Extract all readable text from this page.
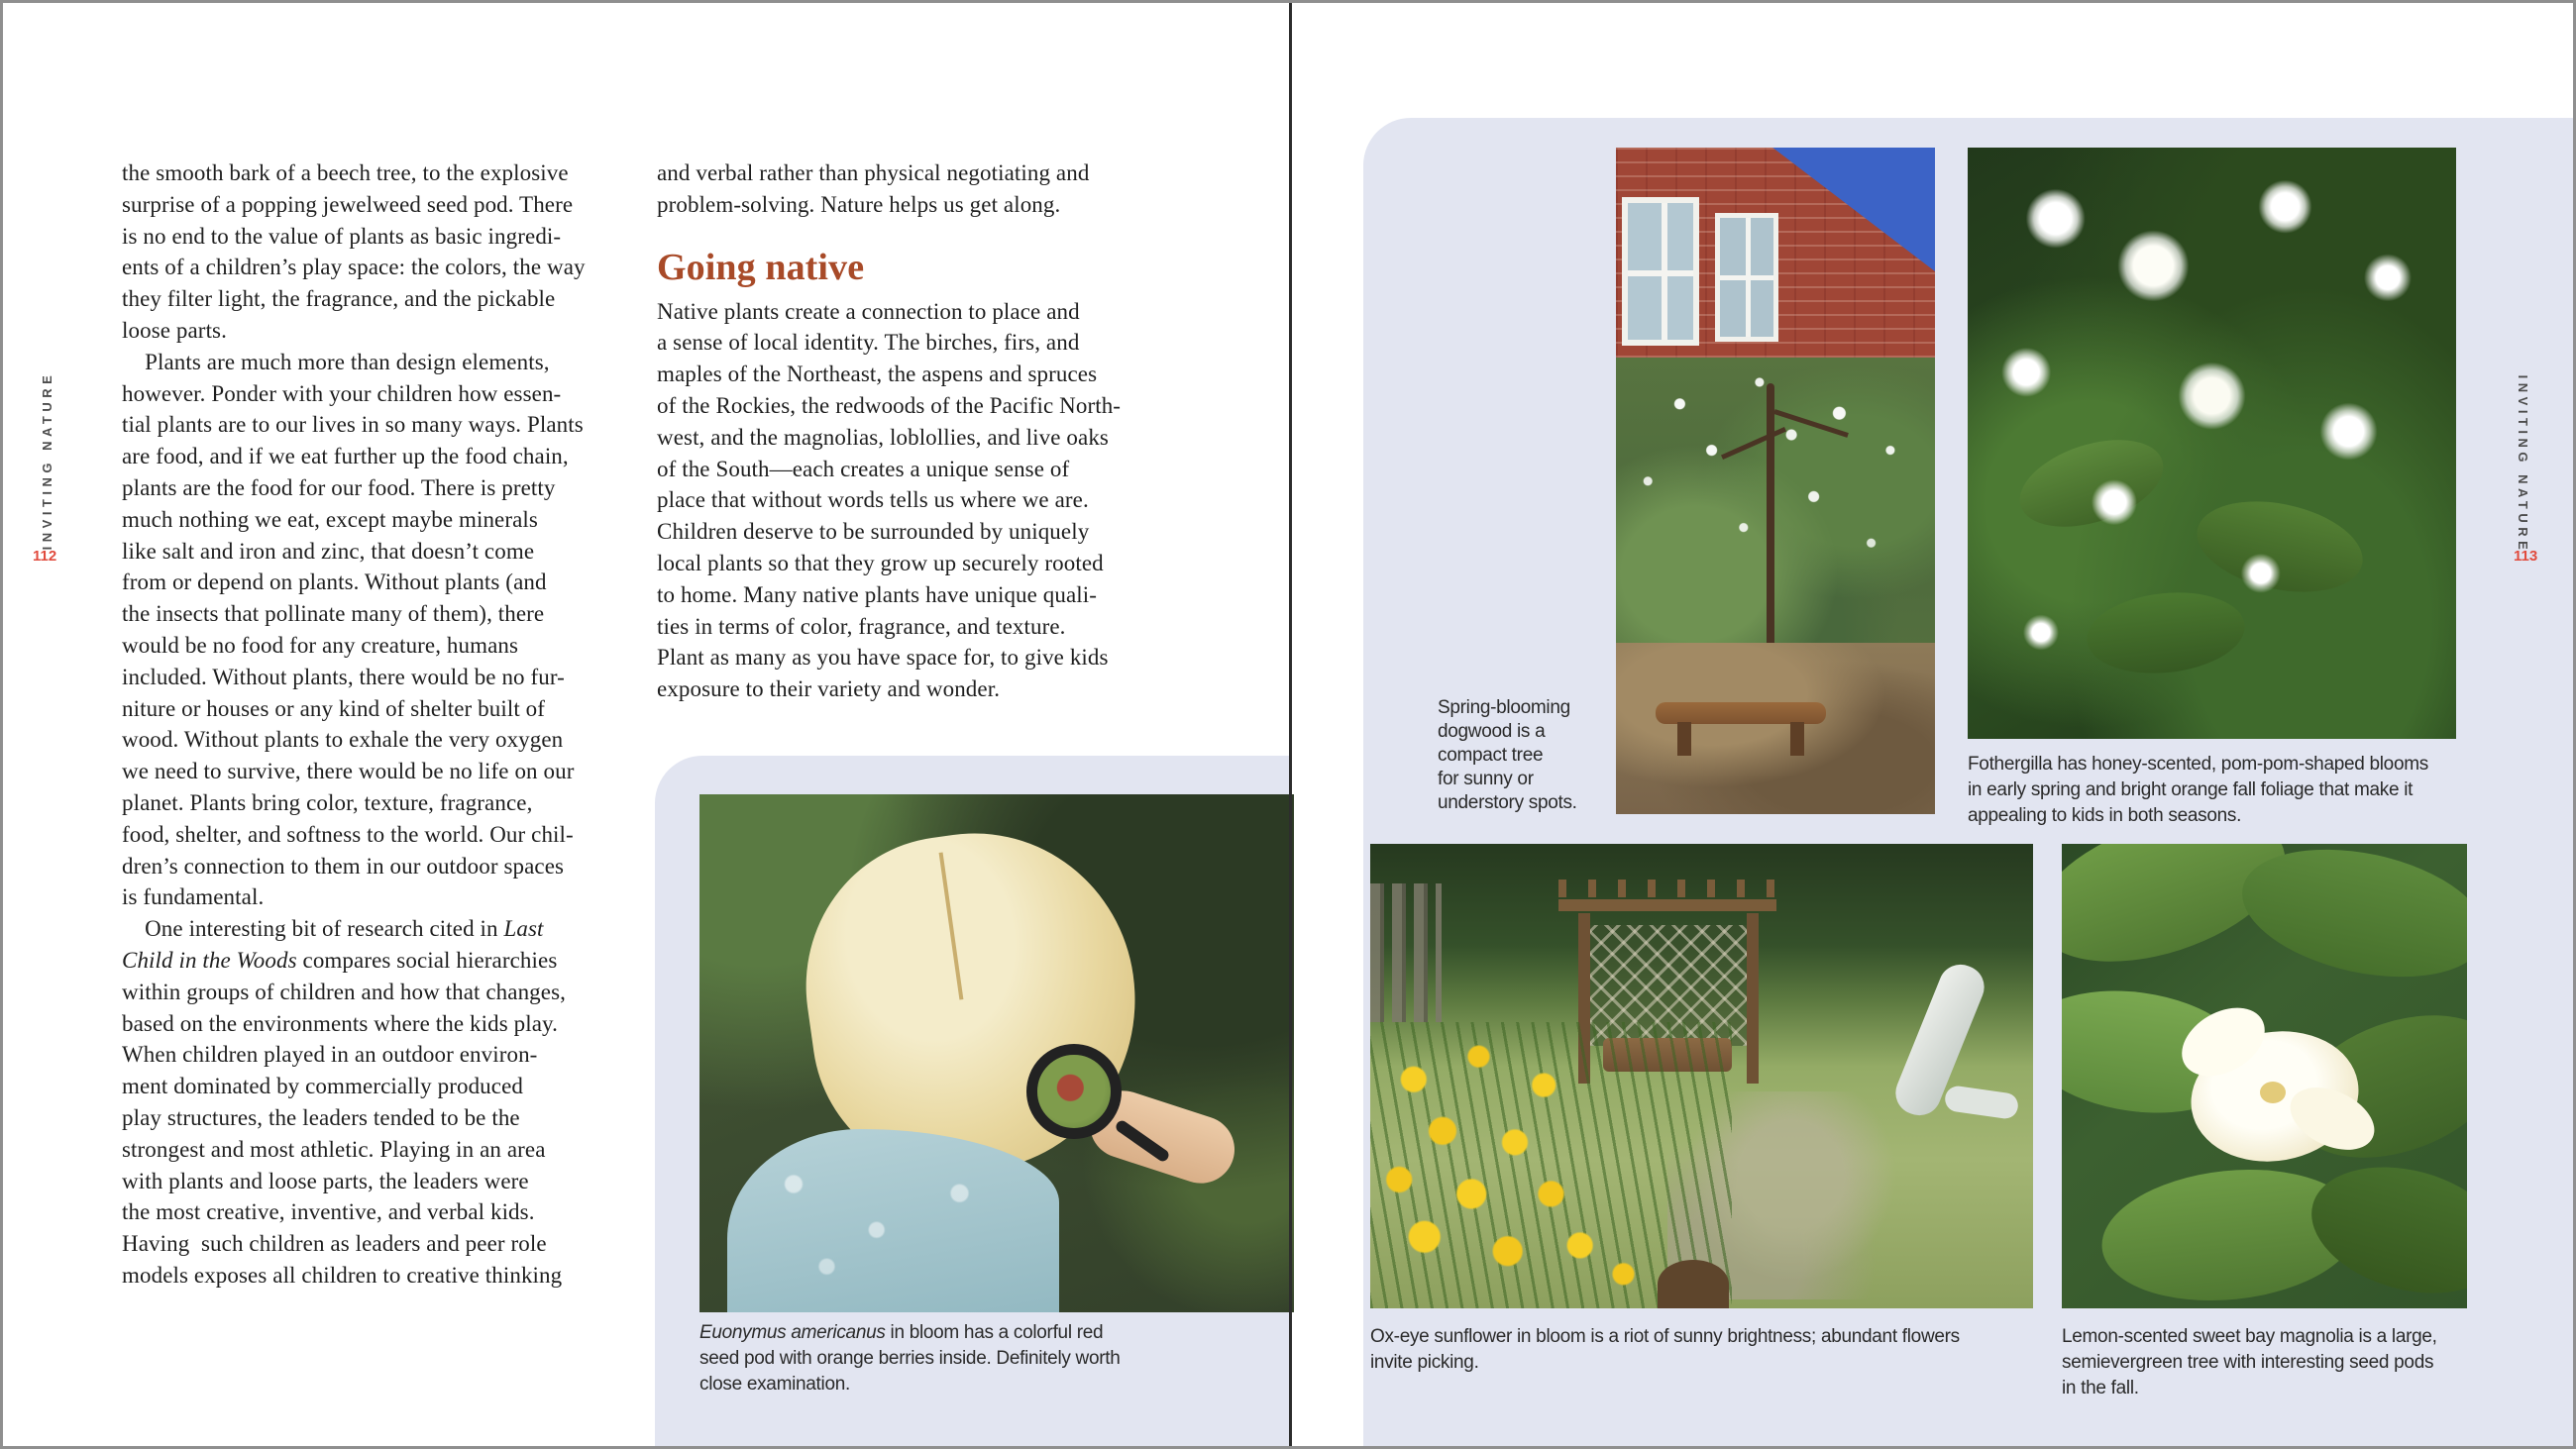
INVITING NATURE
112
the smooth bark of a beech tree, to the explosive
surprise of a popping jewelweed seed pod. There
is no end to the value of plants as basic ingredi-
ents of a children’s play space: the colors, the way
they filter light, the fragrance, and the pickable
loose parts.
 Plants are much more than design elements,
however. Ponder with your children how essen-
tial plants are to our lives in so many ways. Plants
are food, and if we eat further up the food chain,
plants are the food for our food. There is pretty
much nothing we eat, except maybe minerals
like salt and iron and zinc, that doesn’t come
from or depend on plants. Without plants (and
the insects that pollinate many of them), there
would be no food for any creature, humans
included. Without plants, there would be no fur-
niture or houses or any kind of shelter built of
wood. Without plants to exhale the very oxygen
we need to survive, there would be no life on our
planet. Plants bring color, texture, fragrance,
food, shelter, and softness to the world. Our chil-
dren’s connection to them in our outdoor spaces
is fundamental.
 One interesting bit of research cited in Last
Child in the Woods compares social hierarchies
within groups of children and how that changes,
based on the environments where the kids play.
When children played in an outdoor environ-
ment dominated by commercially produced
play structures, the leaders tended to be the
strongest and most athletic. Playing in an area
with plants and loose parts, the leaders were
the most creative, inventive, and verbal kids.
Having  such children as leaders and peer role
models exposes all children to creative thinking
and verbal rather than physical negotiating and
problem-solving. Nature helps us get along.
Going native
Native plants create a connection to place and
a sense of local identity. The birches, firs, and
maples of the Northeast, the aspens and spruces
of the Rockies, the redwoods of the Pacific North-
west, and the magnolias, loblollies, and live oaks
of the South—each creates a unique sense of
place that without words tells us where we are.
Children deserve to be surrounded by uniquely
local plants so that they grow up securely rooted
to home. Many native plants have unique quali-
ties in terms of color, fragrance, and texture.
Plant as many as you have space for, to give kids
exposure to their variety and wonder.
Euonymus americanus in bloom has a colorful red
seed pod with orange berries inside. Definitely worth
close examination.
Spring-blooming
dogwood is a
compact tree
for sunny or
understory spots.
Fothergilla has honey-scented, pom-pom-shaped blooms
in early spring and bright orange fall foliage that make it
appealing to kids in both seasons.
Ox-eye sunflower in bloom is a riot of sunny brightness; abundant flowers
invite picking.
Lemon-scented sweet bay magnolia is a large,
semievergreen tree with interesting seed pods
in the fall.
INVITING NATURE
113
